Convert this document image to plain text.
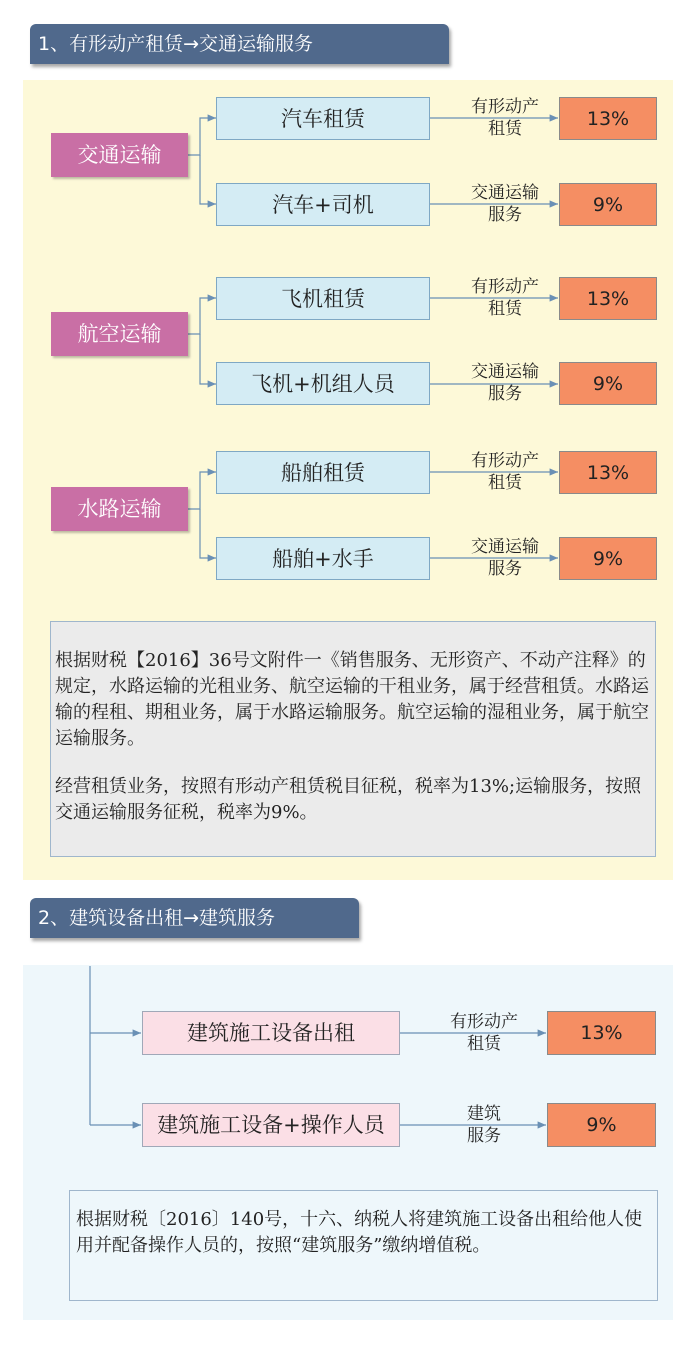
1、有形动产租赁→交通运输服务
交通运输
汽车租赁	有形动产
租赁	13%
汽车+司机	交通运输
服务	9%
航空运输
飞机租赁	有形动产
租赁	13%
飞机+机组人员	交通运输
服务	9%
水路运输
船舶租赁	有形动产
租赁	13%
船舶+水手	交通运输
服务	9%

根据财税【2016】36号文附件一《销售服务、无形资产、不动产注释》的规定，水路运输的光租业务、航空运输的干租业务，属于经营租赁。水路运输的程租、期租业务，属于水路运输服务。航空运输的湿租业务，属于航空运输服务。

经营租赁业务，按照有形动产租赁税目征税，税率为13%;运输服务，按照交通运输服务征税，税率为9%。

2、建筑设备出租→建筑服务
建筑施工设备出租	有形动产
租赁	13%
建筑施工设备+操作人员	建筑
服务	9%

根据财税〔2016〕140号，十六、纳税人将建筑施工设备出租给他人使用并配备操作人员的，按照“建筑服务”缴纳增值税。
